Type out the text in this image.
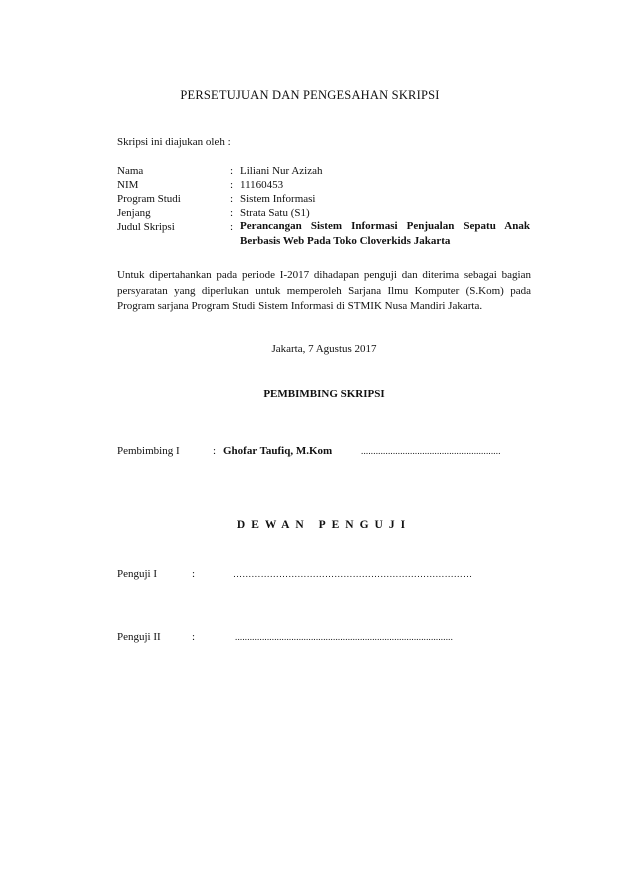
PERSETUJUAN DAN PENGESAHAN SKRIPSI
Skripsi ini diajukan oleh :
Nama	: Liliani Nur Azizah
NIM	: 11160453
Program Studi	: Sistem Informasi
Jenjang	: Strata Satu (S1)
Judul Skripsi	: Perancangan Sistem Informasi Penjualan Sepatu Anak Berbasis Web Pada Toko Cloverkids Jakarta
Untuk dipertahankan pada periode I-2017 dihadapan penguji dan diterima sebagai bagian persyaratan yang diperlukan untuk memperoleh Sarjana Ilmu Komputer (S.Kom) pada Program sarjana Program Studi Sistem Informasi di STMIK Nusa Mandiri Jakarta.
Jakarta, 7 Agustus 2017
PEMBIMBING SKRIPSI
Pembimbing I	: Ghofar Taufiq, M.Kom	.........................................................
DEWAN PENGUJI
Penguji I	:	……………………………………………………………………
Penguji II	:	.........................................................................................
